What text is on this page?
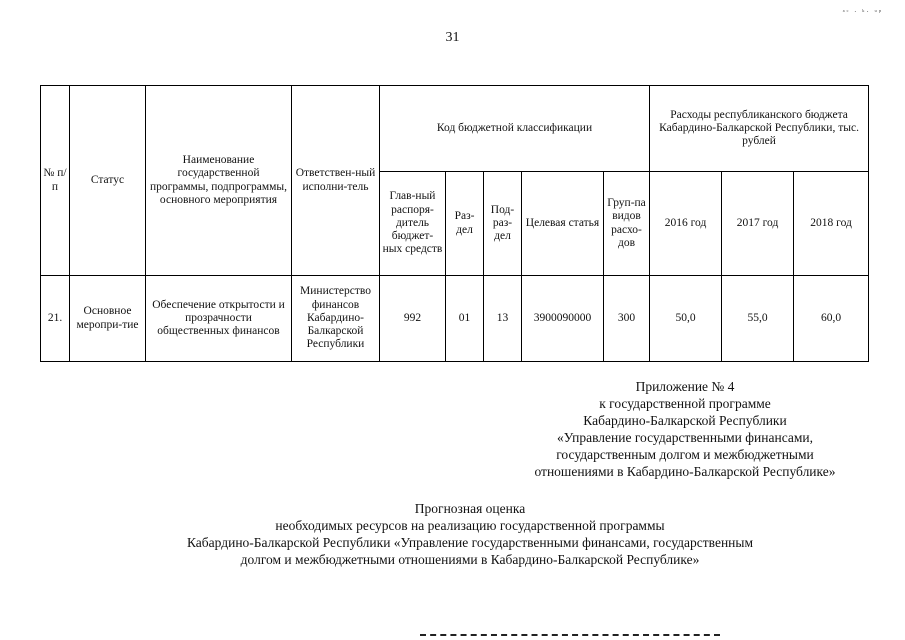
ᵃᶜ · ᵏ· ᵘᵖ
31
№ п/п	Статус	Наименование государственной программы, подпрограммы, основного мероприятия	Ответствен-ный исполни-тель	Код бюджетной классификации					Расходы республиканского бюджета Кабардино-Балкарской Республики, тыс. рублей		
				Глав-ный распоря-дитель бюджет-ных средств	Раз-дел	Под-раз-дел	Целевая статья	Груп-па видов расхо-дов	2016 год	2017 год	2018 год
21.	Основное меропри-тие	Обеспечение открытости и прозрачности общественных финансов	Министерство финансов Кабардино-Балкарской Республики	992	01	13	3900090000	300	50,0	55,0	60,0
Приложение № 4
к государственной программе
Кабардино-Балкарской Республики
«Управление государственными финансами,
государственным долгом и межбюджетными
отношениями в Кабардино-Балкарской Республике»
Прогнозная оценка
необходимых ресурсов на реализацию государственной программы
Кабардино-Балкарской Республики «Управление государственными финансами, государственным
долгом и межбюджетными отношениями в Кабардино-Балкарской Республике»
